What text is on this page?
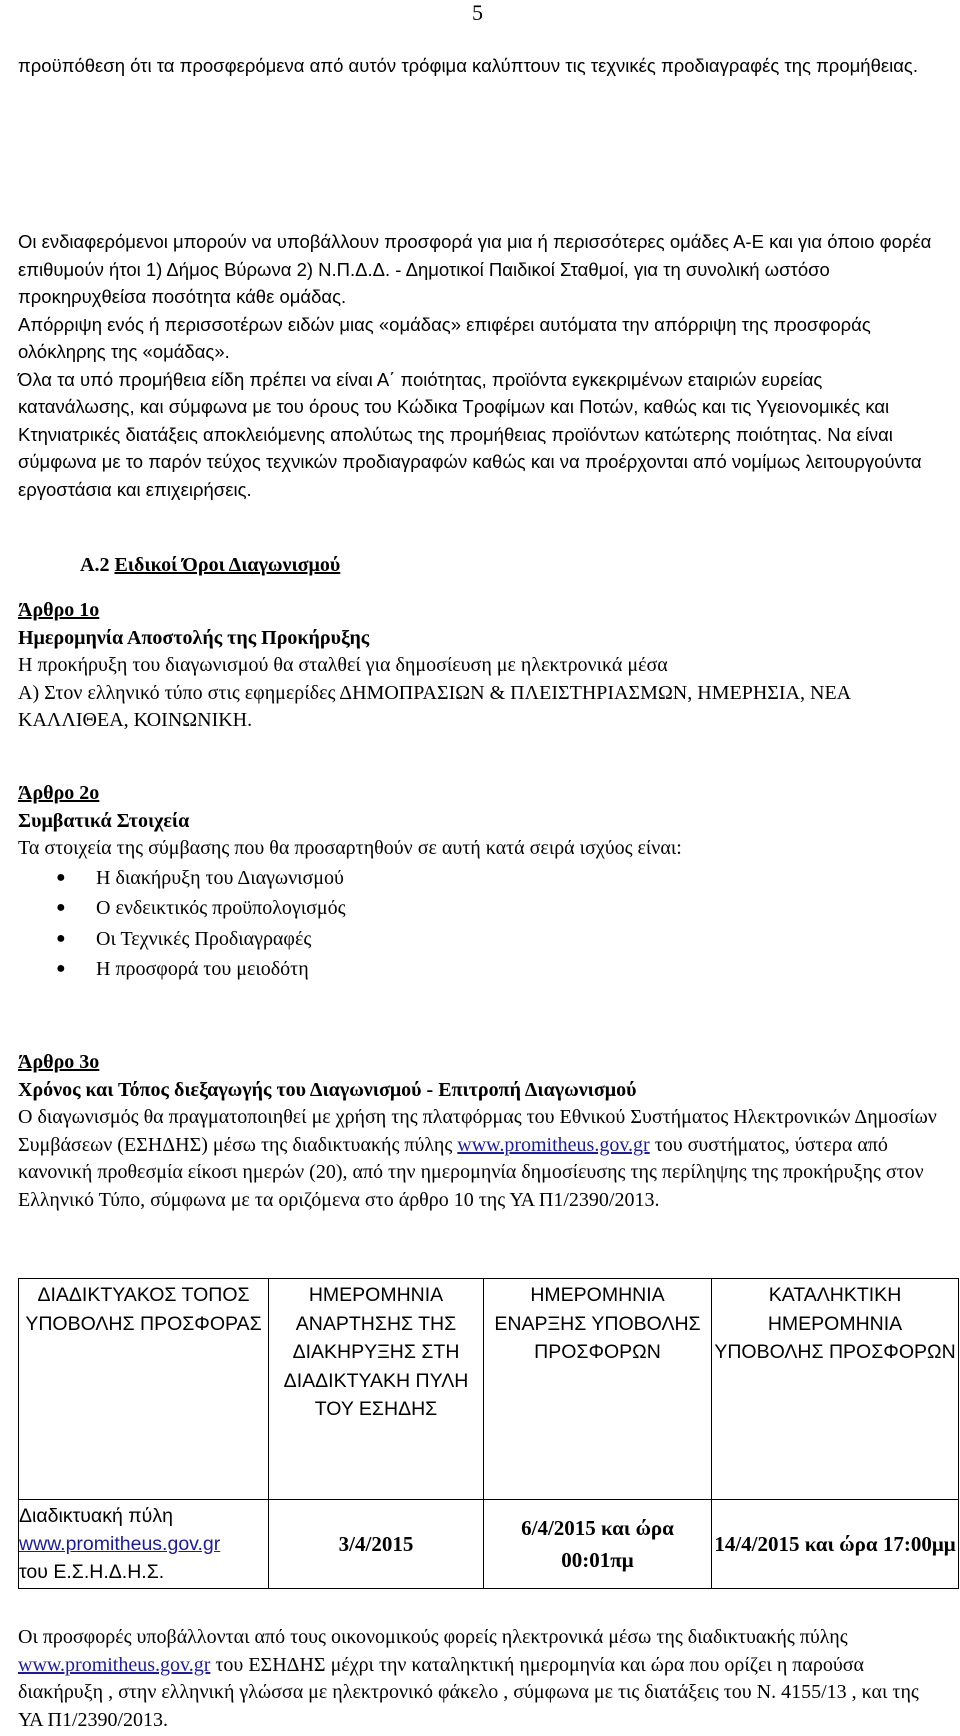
5
προϋπόθεση ότι τα προσφερόμενα από αυτόν τρόφιμα καλύπτουν τις τεχνικές προδιαγραφές της προμήθειας.

Οι ενδιαφερόμενοι μπορούν να υποβάλλουν προσφορά για μια ή περισσότερες ομάδες Α-Ε και για όποιο φορέα επιθυμούν ήτοι 1) Δήμος Βύρωνα 2) Ν.Π.Δ.Δ. - Δημοτικοί Παιδικοί Σταθμοί, για τη συνολική ωστόσο προκηρυχθείσα ποσότητα κάθε ομάδας.

Απόρριψη ενός ή περισσοτέρων ειδών μιας «ομάδας» επιφέρει αυτόματα την απόρριψη της προσφοράς ολόκληρης της «ομάδας».

Όλα τα υπό προμήθεια είδη πρέπει να είναι Α΄ ποιότητας, προϊόντα εγκεκριμένων εταιριών ευρείας κατανάλωσης, και σύμφωνα με του όρους του Κώδικα Τροφίμων και Ποτών, καθώς και τις Υγειονομικές και Κτηνιατρικές διατάξεις αποκλειόμενης απολύτως της προμήθειας προϊόντων κατώτερης ποιότητας. Να είναι σύμφωνα με το παρόν τεύχος τεχνικών προδιαγραφών καθώς και να προέρχονται από νομίμως λειτουργούντα εργοστάσια και επιχειρήσεις.

Α.2 Ειδικοί Όροι Διαγωνισμού

Άρθρο 1ο

Ημερομηνία Αποστολής της Προκήρυξης

Η προκήρυξη του διαγωνισμού θα σταλθεί για δημοσίευση με ηλεκτρονικά μέσα

Α) Στον ελληνικό τύπο στις εφημερίδες ΔΗΜΟΠΡΑΣΙΩΝ & ΠΛΕΙΣΤΗΡΙΑΣΜΩΝ, ΗΜΕΡΗΣΙΑ, ΝΕΑ ΚΑΛΛΙΘΕΑ, ΚΟΙΝΩΝΙΚΗ.

Άρθρο 2ο

Συμβατικά Στοιχεία

Τα στοιχεία της σύμβασης που θα προσαρτηθούν σε αυτή κατά σειρά ισχύος είναι:

● Η διακήρυξη του Διαγωνισμού
● Ο ενδεικτικός προϋπολογισμός
● Οι Τεχνικές Προδιαγραφές
● Η προσφορά του μειοδότη

Άρθρο 3ο

Χρόνος και Τόπος διεξαγωγής του Διαγωνισμού - Επιτροπή Διαγωνισμού

Ο διαγωνισμός θα πραγματοποιηθεί με χρήση της πλατφόρμας του Εθνικού Συστήματος Ηλεκτρονικών Δημοσίων Συμβάσεων (ΕΣΗΔΗΣ) μέσω της διαδικτυακής πύλης www.promitheus.gov.gr του συστήματος, ύστερα από κανονική προθεσμία είκοσι ημερών (20), από την ημερομηνία δημοσίευσης της περίληψης της προκήρυξης στον Ελληνικό Τύπο, σύμφωνα με τα οριζόμενα στο άρθρο 10 της ΥΑ Π1/2390/2013.

ΔΙΑΔΙΚΤΥΑΚΟΣ ΤΟΠΟΣ ΥΠΟΒΟΛΗΣ ΠΡΟΣΦΟΡΑΣ	ΗΜΕΡΟΜΗΝΙΑ ΑΝΑΡΤΗΣΗΣ ΤΗΣ ΔΙΑΚΗΡΥΞΗΣ ΣΤΗ ΔΙΑΔΙΚΤΥΑΚΗ ΠΥΛΗ ΤΟΥ ΕΣΗΔΗΣ	ΗΜΕΡΟΜΗΝΙΑ ΕΝΑΡΞΗΣ ΥΠΟΒΟΛΗΣ ΠΡΟΣΦΟΡΩΝ	ΚΑΤΑΛΗΚΤΙΚΗ ΗΜΕΡΟΜΗΝΙΑ ΥΠΟΒΟΛΗΣ ΠΡΟΣΦΟΡΩΝ

Διαδικτυακή πύλη
www.promitheus.gov.gr
του Ε.Σ.Η.Δ.Η.Σ.	3/4/2015	6/4/2015 και ώρα 00:01πμ	14/4/2015 και ώρα 17:00μμ
Οι προσφορές υποβάλλονται από τους οικονομικούς φορείς ηλεκτρονικά μέσω της διαδικτυακής πύλης www.promitheus.gov.gr του ΕΣΗΔΗΣ μέχρι την καταληκτική ημερομηνία και ώρα που ορίζει η παρούσα διακήρυξη , στην ελληνική γλώσσα με ηλεκτρονικό φάκελο , σύμφωνα με τις διατάξεις του Ν. 4155/13 , και της ΥΑ Π1/2390/2013.
